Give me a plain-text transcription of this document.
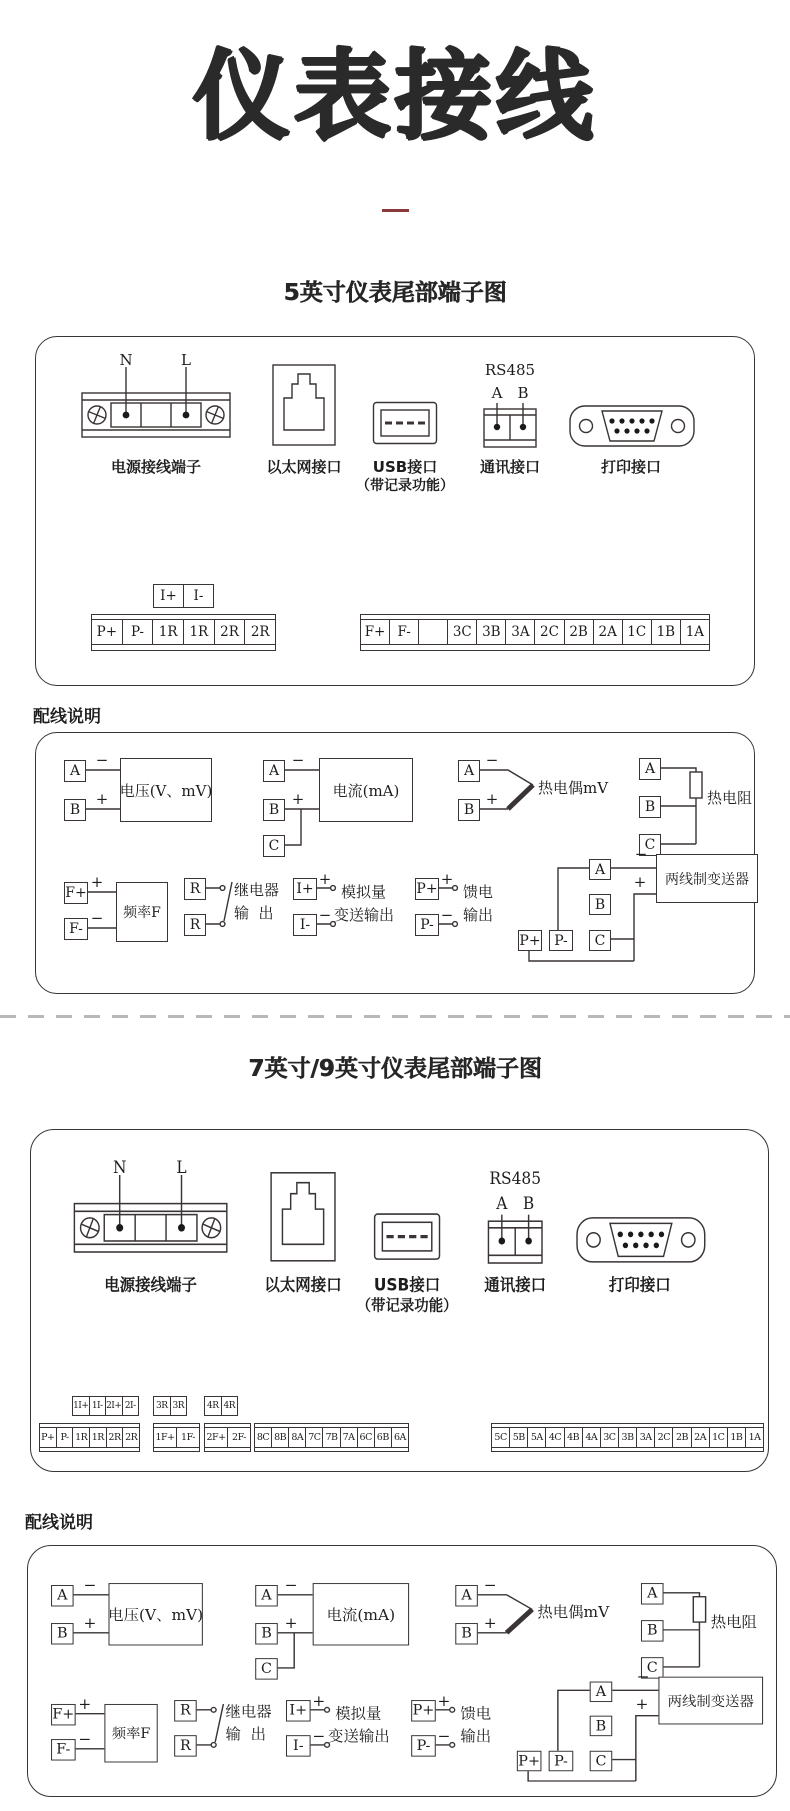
仪表接线
5英寸仪表尾部端子图
N	L
电源接线端子	以太网接口	USB接口
（带记录功能）
RS485
A	B
通讯接口	打印接口
I+ I-
P+ P- 1R 1R 2R 2R	F+ F-	3C 3B 3A 2C 2B 2A 1C 1B 1A
配线说明
A
B
−
+ 电压(V、mV)
A
B
C
−
+	电流(mA)
A
B
−
+
热电偶mV
A
B
C
热电阻
F+
F-
+
−	频率F
R
R
继电器
输  出
I+
I-
+
−
模拟量
变送输出
P+
P-
+
−
馈电
输出
A
B
C
P+ P-
−
+	两线制变送器
7英寸/9英寸仪表尾部端子图
N	L
电源接线端子	以太网接口	USB接口
（带记录功能）
RS485
A	B
通讯接口	打印接口
1I+ 1I- 2I+ 2I- 3R 3R	4R 4R
P+ P- 1R 1R 2R 2R 1F+ 1F- 2F+ 2F- 8C 8B 8A 7C 7B 7A 6C 6B 6A	5C 5B 5A 4C 4B 4A 3C 3B 3A 2C 2B 2A 1C 1B 1A
配线说明
A
B
−
+ 电压(V、mV)
A
B
C
−
+	电流(mA)
A
B
−
+
热电偶mV
A
B
C
热电阻
F+
F-
+
−	频率F
R
R
继电器
输  出
I+
I-
+
−
模拟量
变送输出
P+
P-
+
−
馈电
输出
A
B
C
P+	P-
−
+	两线制变送器
